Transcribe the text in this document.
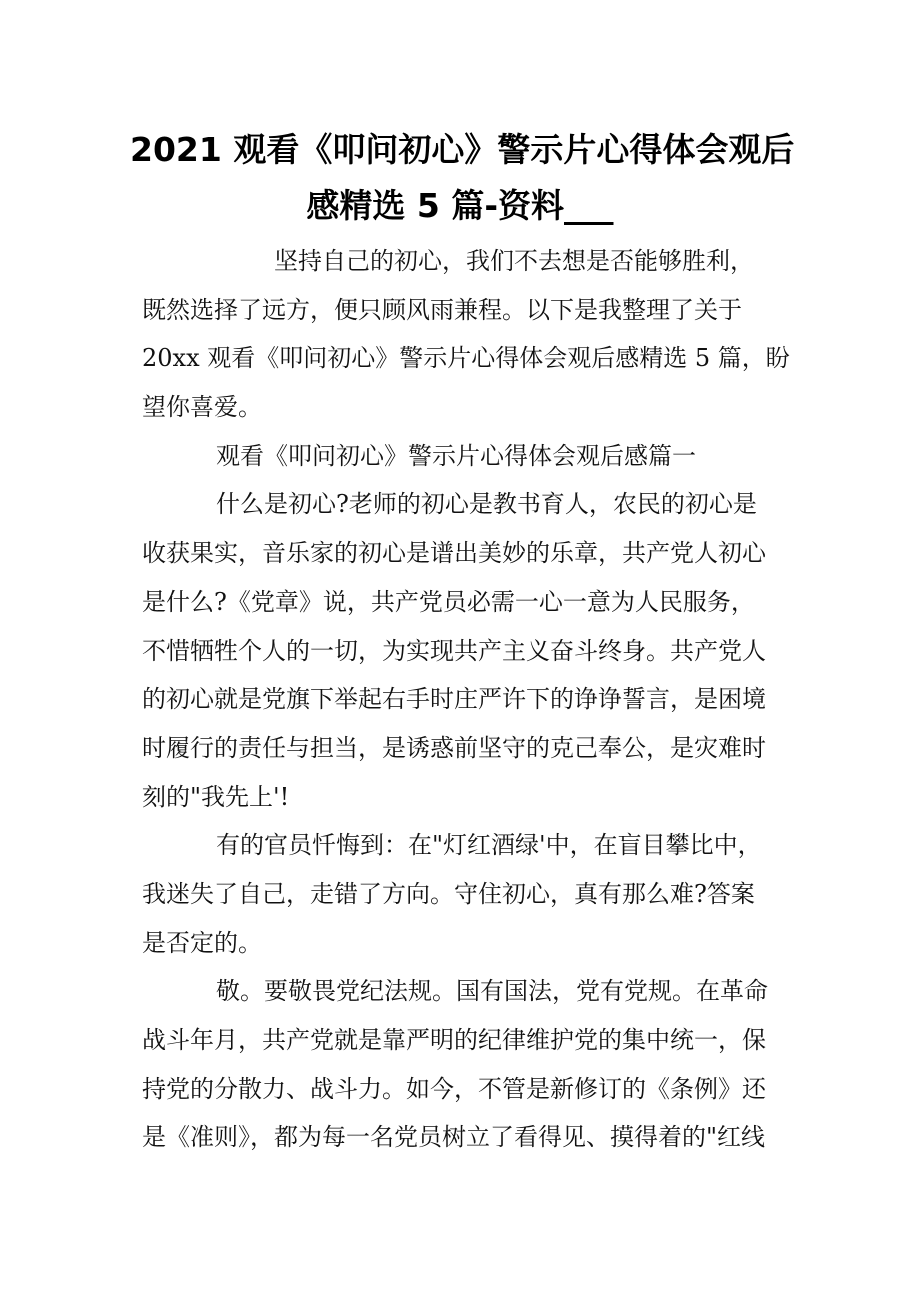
2021 观看《叩问初心》警示片心得体会观后
感精选 5 篇-资料___
坚持自己的初心，我们不去想是否能够胜利，
既然选择了远方，便只顾风雨兼程。以下是我整理了关于
20xx 观看《叩问初心》警示片心得体会观后感精选 5 篇，盼
望你喜爱。
观看《叩问初心》警示片心得体会观后感篇一
什么是初心?老师的初心是教书育人，农民的初心是
收获果实，音乐家的初心是谱出美妙的乐章，共产党人初心
是什么?《党章》说，共产党员必需一心一意为人民服务，
不惜牺牲个人的一切，为实现共产主义奋斗终身。共产党人
的初心就是党旗下举起右手时庄严许下的诤诤誓言，是困境
时履行的责任与担当，是诱惑前坚守的克己奉公，是灾难时
刻的"我先上'!
有的官员忏悔到：在"灯红酒绿'中，在盲目攀比中，
我迷失了自己，走错了方向。守住初心，真有那么难?答案
是否定的。
敬。要敬畏党纪法规。国有国法，党有党规。在革命
战斗年月，共产党就是靠严明的纪律维护党的集中统一，保
持党的分散力、战斗力。如今，不管是新修订的《条例》还
是《准则》，都为每一名党员树立了看得见、摸得着的"红线
